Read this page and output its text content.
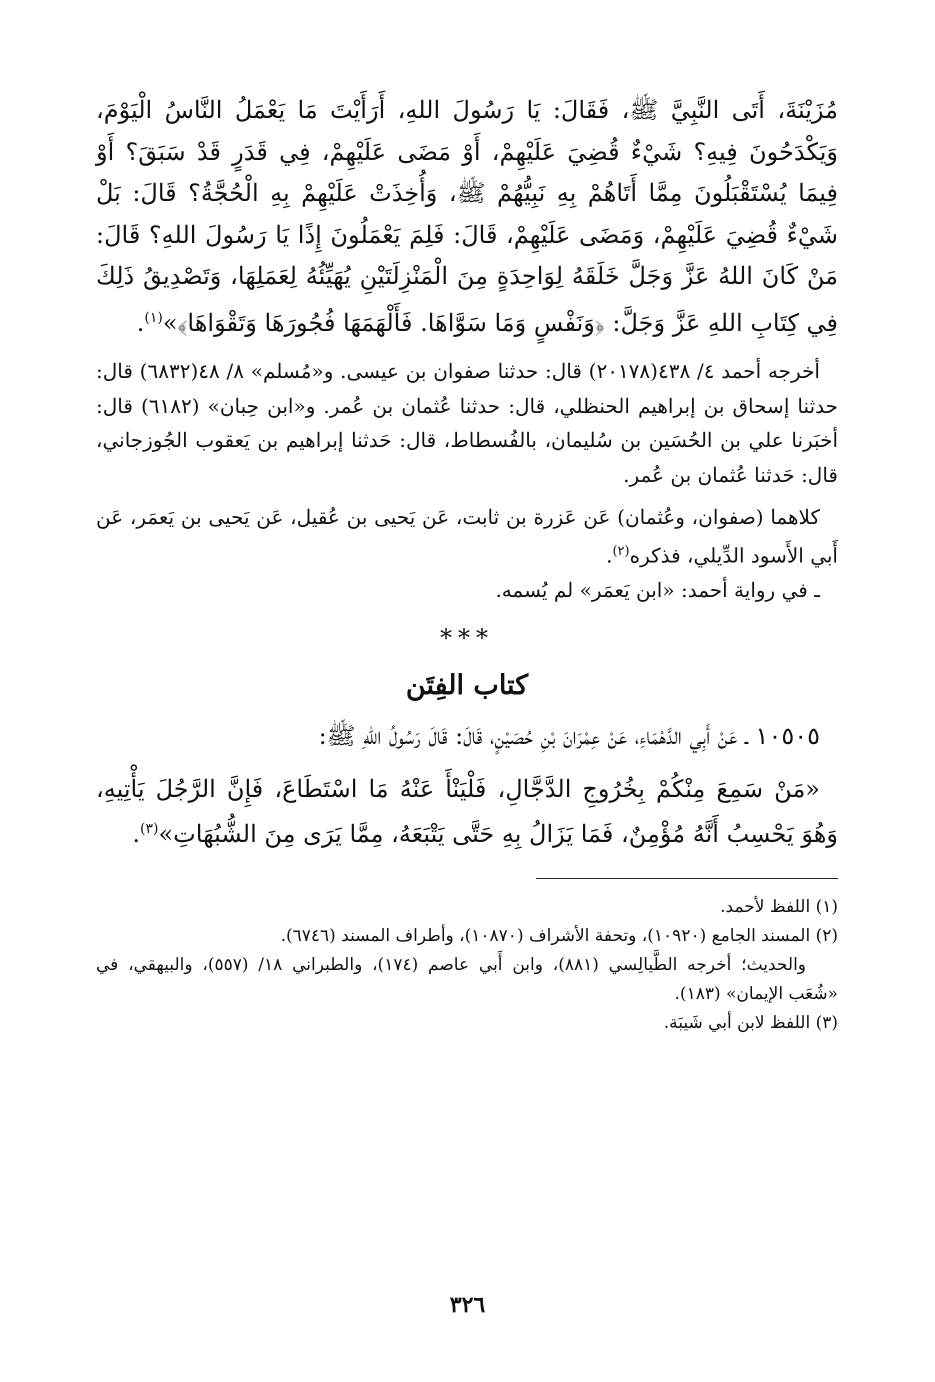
مُزَيْنَةَ، أَتَى النَّبِيَّ ﷺ، فَقَالَ: يَا رَسُولَ اللهِ، أَرَأَيْتَ مَا يَعْمَلُ النَّاسُ الْيَوْمَ، وَيَكْدَحُونَ فِيهِ؟ شَيْءٌ قُضِيَ عَلَيْهِمْ، أَوْ مَضَى عَلَيْهِمْ، فِي قَدَرٍ قَدْ سَبَقَ؟ أَوْ فِيمَا يُسْتَقْبَلُونَ مِمَّا أَتَاهُمْ بِهِ نَبِيُّهُمْ ﷺ، وَأُخِذَتْ عَلَيْهِمْ بِهِ الْحُجَّةُ؟ قَالَ: بَلْ شَيْءٌ قُضِيَ عَلَيْهِمْ، وَمَضَى عَلَيْهِمْ، قَالَ: فَلِمَ يَعْمَلُونَ إِذًا يَا رَسُولَ اللهِ؟ قَالَ: مَنْ كَانَ اللهُ عَزَّ وَجَلَّ خَلَقَهُ لِوَاحِدَةٍ مِنَ الْمَنْزِلَتَيْنِ يُهَيِّئُهُ لِعَمَلِهَا، وَتَصْدِيقُ ذَلِكَ فِي كِتَابِ اللهِ عَزَّ وَجَلَّ: ﴿وَنَفْسٍ وَمَا سَوَّاهَا. فَأَلْهَمَهَا فُجُورَهَا وَتَقْوَاهَا﴾»$^{(١)}$.

أخرجه أحمد ٤/ ٤٣٨(٢٠١٧٨) قال: حدثنا صفوان بن عيسى. و«مُسلم» ٨/ ٤٨(٦٨٣٢) قال: حدثنا إسحاق بن إبراهيم الحنظلي، قال: حدثنا عُثمان بن عُمر. و«ابن حِبان» (٦١٨٢) قال: أخبَرنا علي بن الحُسَين بن سُليمان، بالفُسطاط، قال: حَدثنا إبراهيم بن يَعقوب الجُوزجاني، قال: حَدثنا عُثمان بن عُمر.

كلاهما (صفوان، وعُثمان) عَن عَزرة بن ثابت، عَن يَحيى بن عُقيل، عَن يَحيى بن يَعمَر، عَن أَبي الأَسود الدِّيلي، فذكره$^{(٢)}$.

ـ في رواية أحمد: «ابن يَعمَر» لم يُسمه.

***
كتاب الفِتَن

١٠٥٠٥ ـ عَنْ أَبِي الدَّهْمَاءِ، عَنْ عِمْرَانَ بْنِ حُصَيْنٍ، قَالَ: قَالَ رَسُولُ اللهِ ﷺ:

«مَنْ سَمِعَ مِنْكُمْ بِخُرُوجِ الدَّجَّالِ، فَلْيَنْأَ عَنْهُ مَا اسْتَطَاعَ، فَإِنَّ الرَّجُلَ يَأْتِيهِ، وَهُوَ يَحْسِبُ أَنَّهُ مُؤْمِنٌ، فَمَا يَزَالُ بِهِ حَتَّى يَتْبَعَهُ، مِمَّا يَرَى مِنَ الشُّبُهَاتِ»$^{(٣)}$.

(١) اللفظ لأحمد.

(٢) المسند الجامع (١٠٩٢٠)، وتحفة الأشراف (١٠٨٧٠)، وأطراف المسند (٦٧٤٦).

والحديث؛ أخرجه الطَّيالِسي (٨٨١)، وابن أَبي عاصم (١٧٤)، والطبراني ١٨/ (٥٥٧)، والبيهقي، في «شُعَب الإيمان» (١٨٣).

(٣) اللفظ لابن أبي شَيبَة.

٣٢٦
